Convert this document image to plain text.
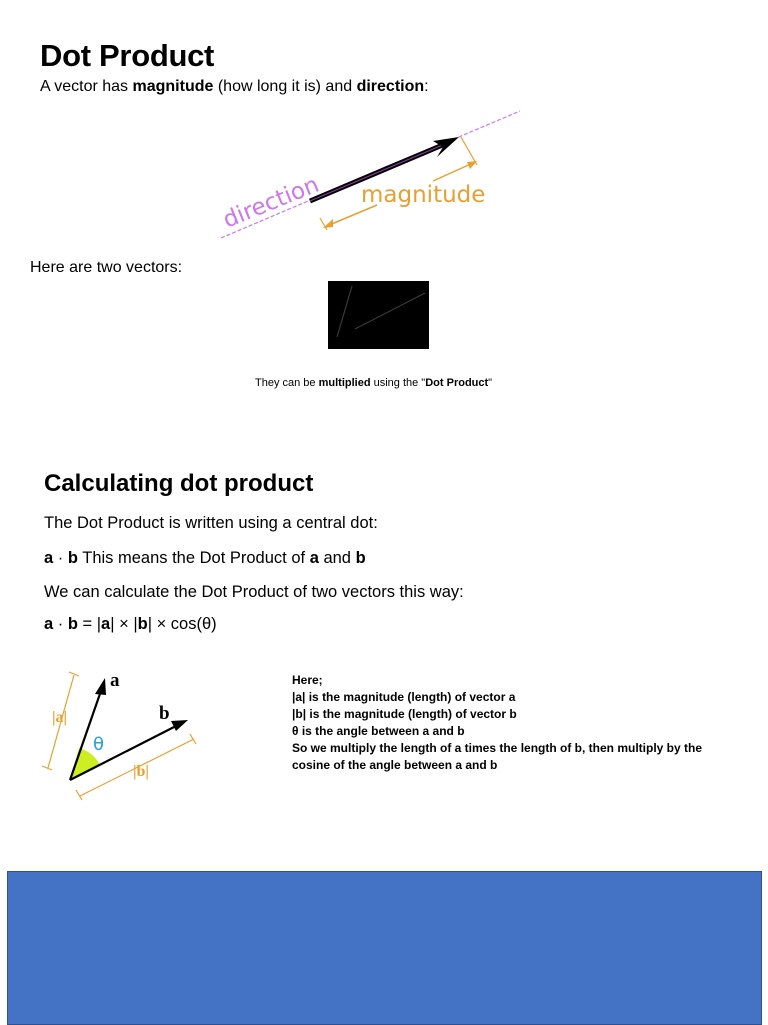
Dot Product
A vector has magnitude (how long it is) and direction:
magnitude
direction
Here are two vectors:
They can be multiplied using the "Dot Product"
Calculating dot product
The Dot Product is written using a central dot:
a · b This means the Dot Product of a and b
We can calculate the Dot Product of two vectors this way:
a · b = |a| × |b| × cos(θ)
a
b
|a|
|b|
θ
Here;
|a| is the magnitude (length) of vector a
|b| is the magnitude (length) of vector b
θ is the angle between a and b
So we multiply the length of a times the length of b, then multiply by the cosine of the angle between a and b
